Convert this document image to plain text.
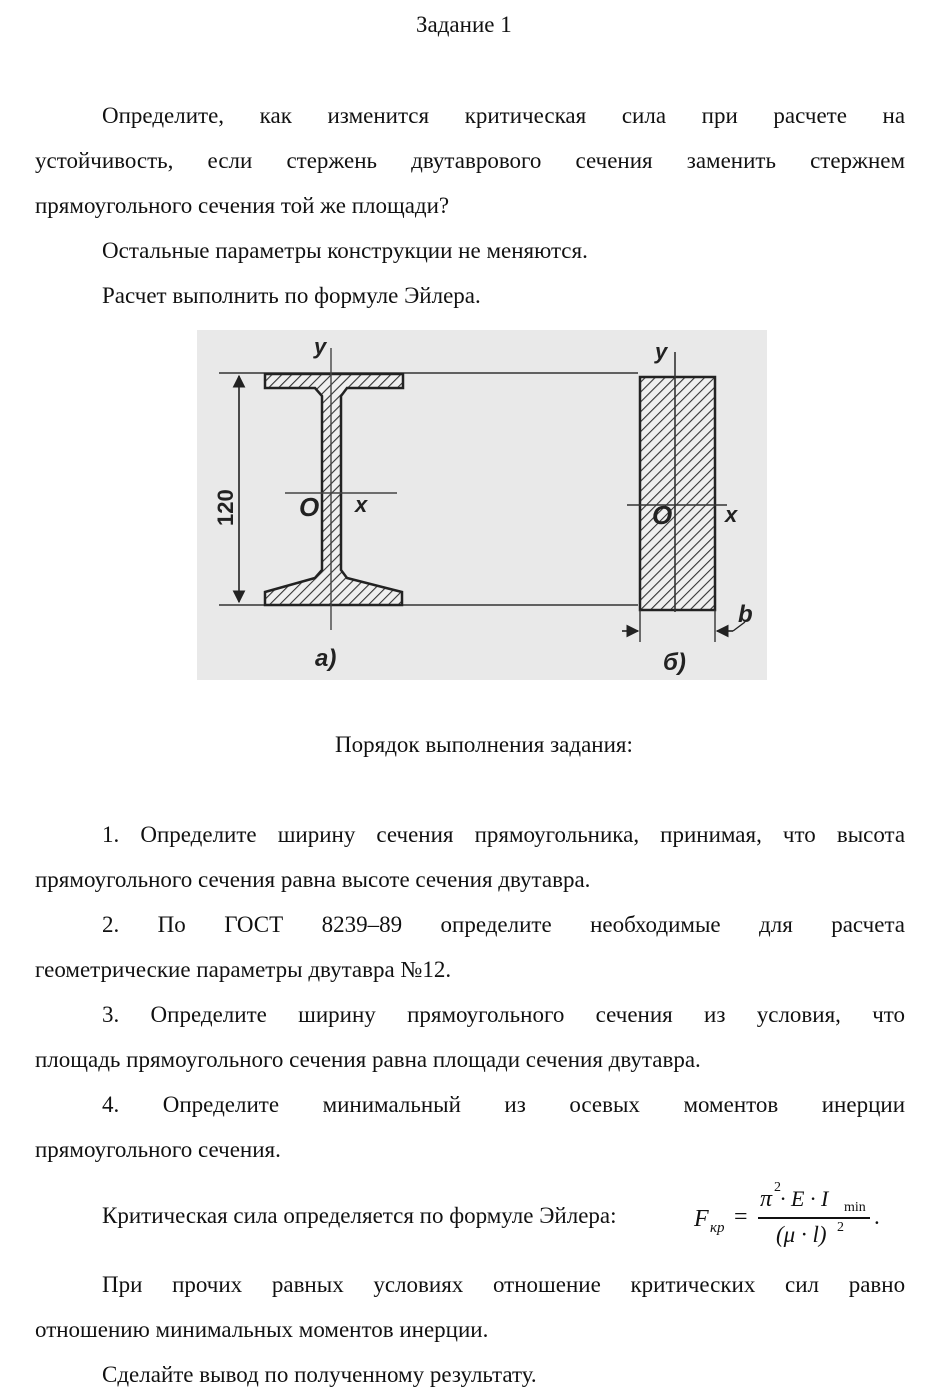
Задание 1
Определите, как изменится критическая сила при расчете на
устойчивость, если стержень двутаврового сечения заменить стержнем
прямоугольного сечения той же площади?
Остальные параметры конструкции не меняются.
Расчет выполнить по формуле Эйлера.
y	y
x	x
O	O
120
b
а)	б)
Порядок выполнения задания:
1. Определите ширину сечения прямоугольника, принимая, что высота
прямоугольного сечения равна высоте сечения двутавра.
2. По ГОСТ 8239–89 определите необходимые для расчета
геометрические параметры двутавра №12.
3. Определите ширину прямоугольного сечения из условия, что
площадь прямоугольного сечения равна площади сечения двутавра.
4. Определите минимальный из осевых моментов инерции
прямоугольного сечения.
Критическая сила определяется по формуле Эйлера:	F кр =
π 2 · E · I min
(μ · l) 2 .
При прочих равных условиях отношение критических сил равно
отношению минимальных моментов инерции.
Сделайте вывод по полученному результату.
